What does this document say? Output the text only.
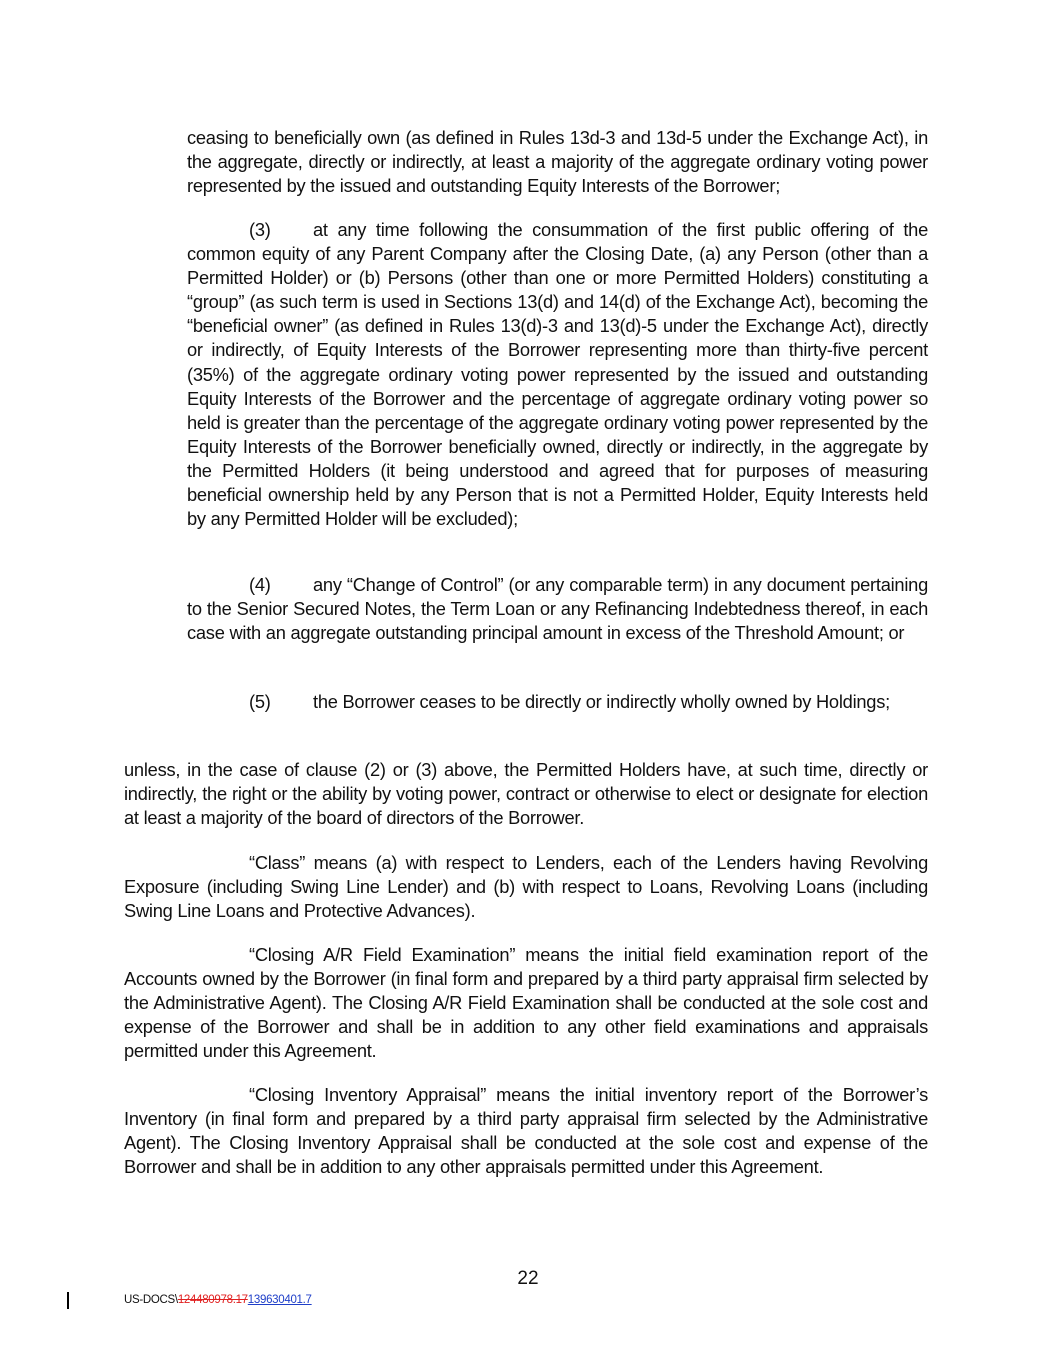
ceasing to beneficially own (as defined in Rules 13d-3 and 13d-5 under the Exchange Act), in the aggregate, directly or indirectly, at least a majority of the aggregate ordinary voting power represented by the issued and outstanding Equity Interests of the Borrower;

(3) at any time following the consummation of the first public offering of the common equity of any Parent Company after the Closing Date, (a) any Person (other than a Permitted Holder) or (b) Persons (other than one or more Permitted Holders) constituting a “group” (as such term is used in Sections 13(d) and 14(d) of the Exchange Act), becoming the “beneficial owner” (as defined in Rules 13(d)-3 and 13(d)-5 under the Exchange Act), directly or indirectly, of Equity Interests of the Borrower representing more than thirty-five percent (35%) of the aggregate ordinary voting power represented by the issued and outstanding Equity Interests of the Borrower and the percentage of aggregate ordinary voting power so held is greater than the percentage of the aggregate ordinary voting power represented by the Equity Interests of the Borrower beneficially owned, directly or indirectly, in the aggregate by the Permitted Holders (it being understood and agreed that for purposes of measuring beneficial ownership held by any Person that is not a Permitted Holder, Equity Interests held by any Permitted Holder will be excluded);

(4) any “Change of Control” (or any comparable term) in any document pertaining to the Senior Secured Notes, the Term Loan or any Refinancing Indebtedness thereof, in each case with an aggregate outstanding principal amount in excess of the Threshold Amount; or

(5) the Borrower ceases to be directly or indirectly wholly owned by Holdings;

unless, in the case of clause (2) or (3) above, the Permitted Holders have, at such time, directly or indirectly, the right or the ability by voting power, contract or otherwise to elect or designate for election at least a majority of the board of directors of the Borrower.

“Class” means (a) with respect to Lenders, each of the Lenders having Revolving Exposure (including Swing Line Lender) and (b) with respect to Loans, Revolving Loans (including Swing Line Loans and Protective Advances).

“Closing A/R Field Examination” means the initial field examination report of the Accounts owned by the Borrower (in final form and prepared by a third party appraisal firm selected by the Administrative Agent). The Closing A/R Field Examination shall be conducted at the sole cost and expense of the Borrower and shall be in addition to any other field examinations and appraisals permitted under this Agreement.

“Closing Inventory Appraisal” means the initial inventory report of the Borrower’s Inventory (in final form and prepared by a third party appraisal firm selected by the Administrative Agent). The Closing Inventory Appraisal shall be conducted at the sole cost and expense of the Borrower and shall be in addition to any other appraisals permitted under this Agreement.

22
US-DOCS\124480978.17139630401.7
